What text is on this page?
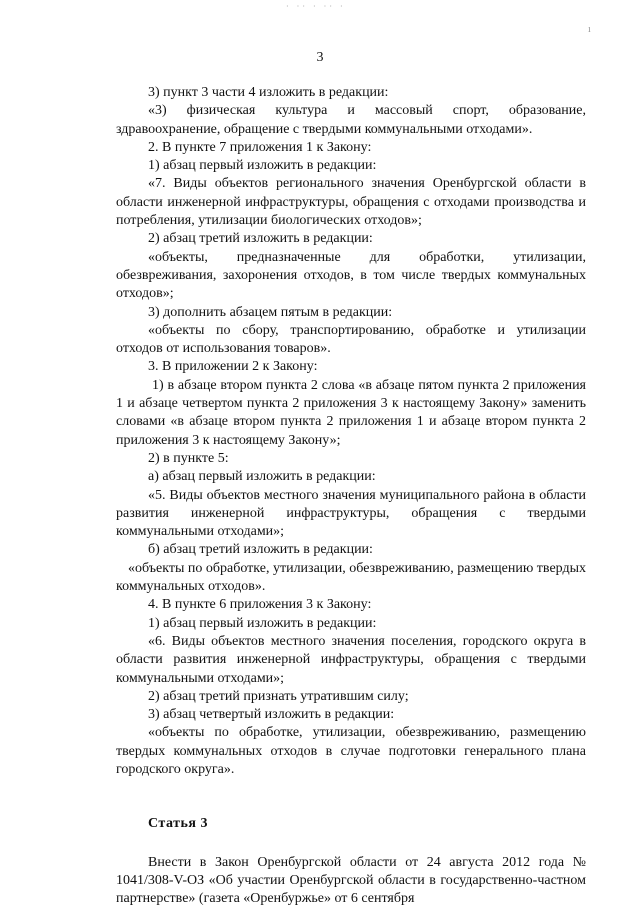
· ·· · ·· ·
ı
3

3) пункт 3 части 4 изложить в редакции:

«3) физическая культура и массовый спорт, образование, здравоохранение, обращение с твердыми коммунальными отходами».

2. В пункте 7 приложения 1 к Закону:

1) абзац первый изложить в редакции:

«7. Виды объектов регионального значения Оренбургской области в области инженерной инфраструктуры, обращения с отходами производства и потребления, утилизации биологических отходов»;

2) абзац третий изложить в редакции:

«объекты, предназначенные для обработки, утилизации, обезвреживания, захоронения отходов, в том числе твердых коммунальных отходов»;

3) дополнить абзацем пятым в редакции:

«объекты по сбору, транспортированию, обработке и утилизации отходов от использования товаров».

3. В приложении 2 к Закону:

1) в абзаце втором пункта 2 слова «в абзаце пятом пункта 2 приложения 1 и абзаце четвертом пункта 2 приложения 3 к настоящему Закону» заменить словами «в абзаце втором пункта 2 приложения 1 и абзаце втором пункта 2 приложения 3 к настоящему Закону»;

2) в пункте 5:

а) абзац первый изложить в редакции:

«5. Виды объектов местного значения муниципального района в области развития инженерной инфраструктуры, обращения с твердыми коммунальными отходами»;

б) абзац третий изложить в редакции:

«объекты по обработке, утилизации, обезвреживанию, размещению твердых коммунальных отходов».

4. В пункте 6 приложения 3 к Закону:

1) абзац первый изложить в редакции:

«6. Виды объектов местного значения поселения, городского округа в области развития инженерной инфраструктуры, обращения с твердыми коммунальными отходами»;

2) абзац третий признать утратившим силу;

3) абзац четвертый изложить в редакции:

«объекты по обработке, утилизации, обезвреживанию, размещению твердых коммунальных отходов в случае подготовки генерального плана городского округа».

Статья 3

Внести в Закон Оренбургской области от 24 августа 2012 года № 1041/308-V-ОЗ «Об участии Оренбургской области в государственно-частном партнерстве» (газета «Оренбуржье» от 6 сентября
